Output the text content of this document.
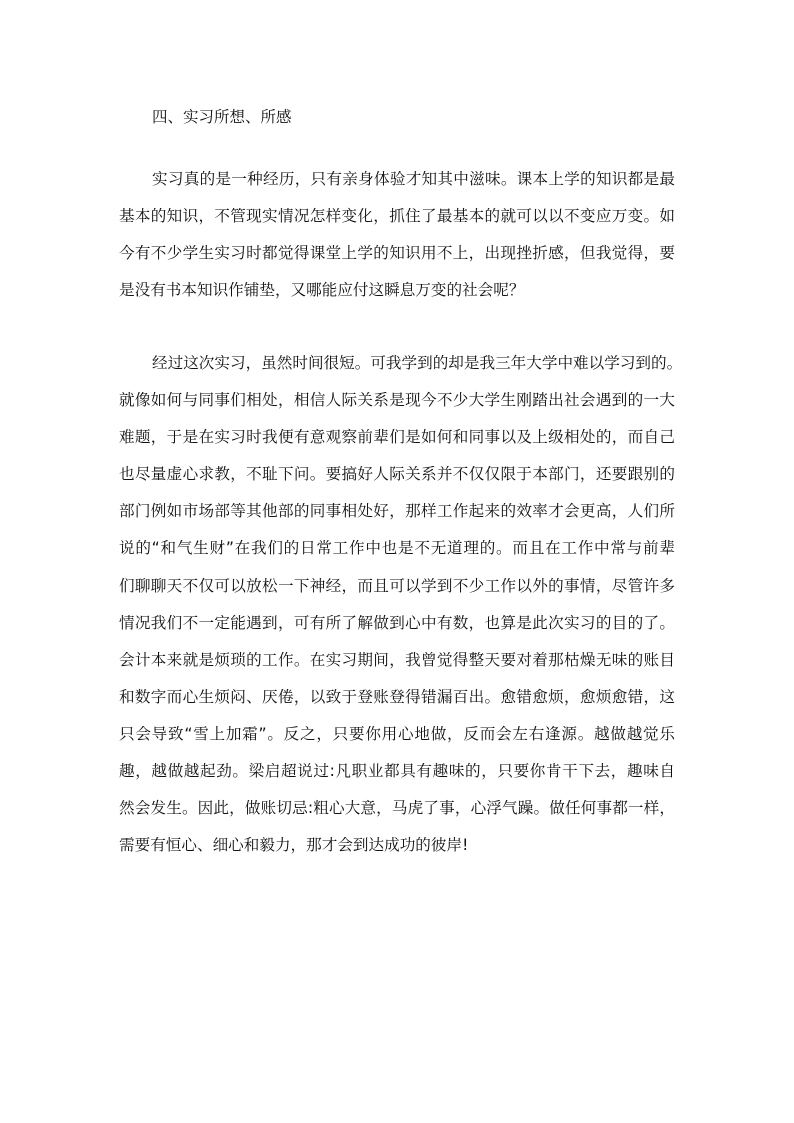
四、实习所想、所感
实习真的是一种经历，只有亲身体验才知其中滋味。课本上学的知识都是最
基本的知识，不管现实情况怎样变化，抓住了最基本的就可以以不变应万变。如
今有不少学生实习时都觉得课堂上学的知识用不上，出现挫折感，但我觉得，要
是没有书本知识作铺垫，又哪能应付这瞬息万变的社会呢？
经过这次实习，虽然时间很短。可我学到的却是我三年大学中难以学习到的。
就像如何与同事们相处，相信人际关系是现今不少大学生刚踏出社会遇到的一大
难题，于是在实习时我便有意观察前辈们是如何和同事以及上级相处的，而自己
也尽量虚心求教，不耻下问。要搞好人际关系并不仅仅限于本部门，还要跟别的
部门例如市场部等其他部的同事相处好，那样工作起来的效率才会更高，人们所
说的“和气生财”在我们的日常工作中也是不无道理的。而且在工作中常与前辈
们聊聊天不仅可以放松一下神经，而且可以学到不少工作以外的事情，尽管许多
情况我们不一定能遇到，可有所了解做到心中有数，也算是此次实习的目的了。
会计本来就是烦琐的工作。在实习期间，我曾觉得整天要对着那枯燥无味的账目
和数字而心生烦闷、厌倦，以致于登账登得错漏百出。愈错愈烦，愈烦愈错，这
只会导致“雪上加霜”。反之，只要你用心地做，反而会左右逢源。越做越觉乐
趣，越做越起劲。梁启超说过:凡职业都具有趣味的，只要你肯干下去，趣味自
然会发生。因此，做账切忌:粗心大意，马虎了事，心浮气躁。做任何事都一样，
需要有恒心、细心和毅力，那才会到达成功的彼岸!
